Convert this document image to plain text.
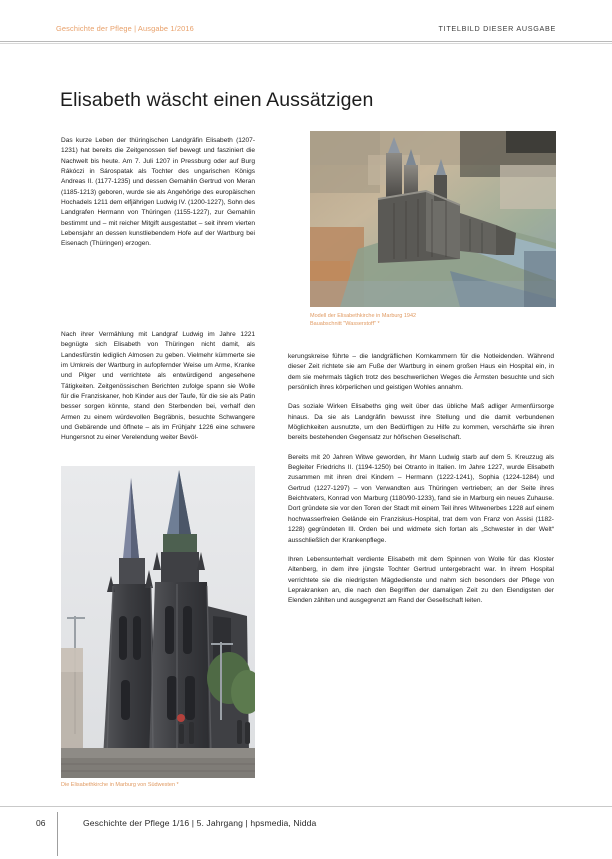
Geschichte der Pflege | Ausgabe 1/2016	TITELBILD DIESER AUSGABE
Elisabeth wäscht einen Aussätzigen

Das kurze Leben der thüringischen Landgräfin Elisabeth (1207-1231) hat bereits die Zeitgenossen tief bewegt und fasziniert die Nachwelt bis heute. Am 7. Juli 1207 in Pressburg oder auf Burg Rákóczi in Sárospatak als Tochter des ungarischen Königs Andreas II. (1177-1235) und dessen Gemahlin Gertrud von Meran (1185-1213) geboren, wurde sie als Angehörige des europäischen Hochadels 1211 dem elfjährigen Ludwig IV. (1200-1227), Sohn des Landgrafen Hermann von Thüringen (1155-1227), zur Gemahlin bestimmt und – mit reicher Mitgift ausgestattet – seit ihrem vierten Lebensjahr an dessen kunstliebendem Hofe auf der Wartburg bei Eisenach (Thüringen) erzogen.

Nach ihrer Vermählung mit Landgraf Ludwig im Jahre 1221 begnügte sich Elisabeth von Thüringen nicht damit, als Landesfürstin lediglich Almosen zu geben. Vielmehr kümmerte sie im Umkreis der Wartburg in aufopfernder Weise um Arme, Kranke und Pilger und verrichtete als entwürdigend angesehene Tätigkeiten. Zeitgenössischen Berichten zufolge spann sie Wolle für die Franziskaner, hob Kinder aus der Taufe, für die sie als Patin besser sorgen könnte, stand den Sterbenden bei, verhalf den Armen zu einem würdevollen Begräbnis, besuchte Schwangere und Gebärende und öffnete – als im Frühjahr 1226 eine schwere Hungersnot zu einer Verelendung weiter Bevöl-

kerungskreise führte – die landgräflichen Kornkammern für die Notleidenden. Während dieser Zeit richtete sie am Fuße der Wartburg in einem großen Haus ein Hospital ein, in dem sie mehrmals täglich trotz des beschwerlichen Weges die Ärmsten besuchte und sich persönlich ihres körperlichen und geistigen Wohles annahm.

Das soziale Wirken Elisabeths ging weit über das übliche Maß adliger Armenfürsorge hinaus. Da sie als Landgräfin bewusst ihre Stellung und die damit verbundenen Möglichkeiten ausnutzte, um den Bedürftigen zu Hilfe zu kommen, verschärfte sie ihren bereits bestehenden Gegensatz zur höfischen Gesellschaft.

Bereits mit 20 Jahren Witwe geworden, ihr Mann Ludwig starb auf dem 5. Kreuzzug als Begleiter Friedrichs II. (1194-1250) bei Otranto in Italien. Im Jahre 1227, wurde Elisabeth zusammen mit ihren drei Kindern – Hermann (1222-1241), Sophia (1224-1284) und Gertrud (1227-1297) – von Verwandten aus Thüringen vertrieben; an der Seite ihres Beichtvaters, Konrad von Marburg (1180/90-1233), fand sie in Marburg ein neues Zuhause. Dort gründete sie vor den Toren der Stadt mit einem Teil ihres Witwenerbes 1228 auf einem hochwasserfreien Gelände ein Franziskus-Hospital, trat dem von Franz von Assisi (1182-1228) gegründeten III. Orden bei und widmete sich fortan als „Schwester in der Welt“ ausschließlich der Krankenpflege.

Ihren Lebensunterhalt verdiente Elisabeth mit dem Spinnen von Wolle für das Kloster Altenberg, in dem ihre jüngste Tochter Gertrud untergebracht war. In ihrem Hospital verrichtete sie die niedrigsten Mägdedienste und nahm sich besonders der Pflege von Leprakranken an, die nach den Begriffen der damaligen Zeit zu den Elendigsten der Elenden zählten und ausgegrenzt am Rand der Gesellschaft leiten.

Modell der Elisabethkirche in Marburg 1942
Bauabschnitt "Wasserstoff" *
Die Elisabethkirche in Marburg von Südwesten *
06	Geschichte der Pflege 1/16 | 5. Jahrgang | hpsmedia, Nidda
